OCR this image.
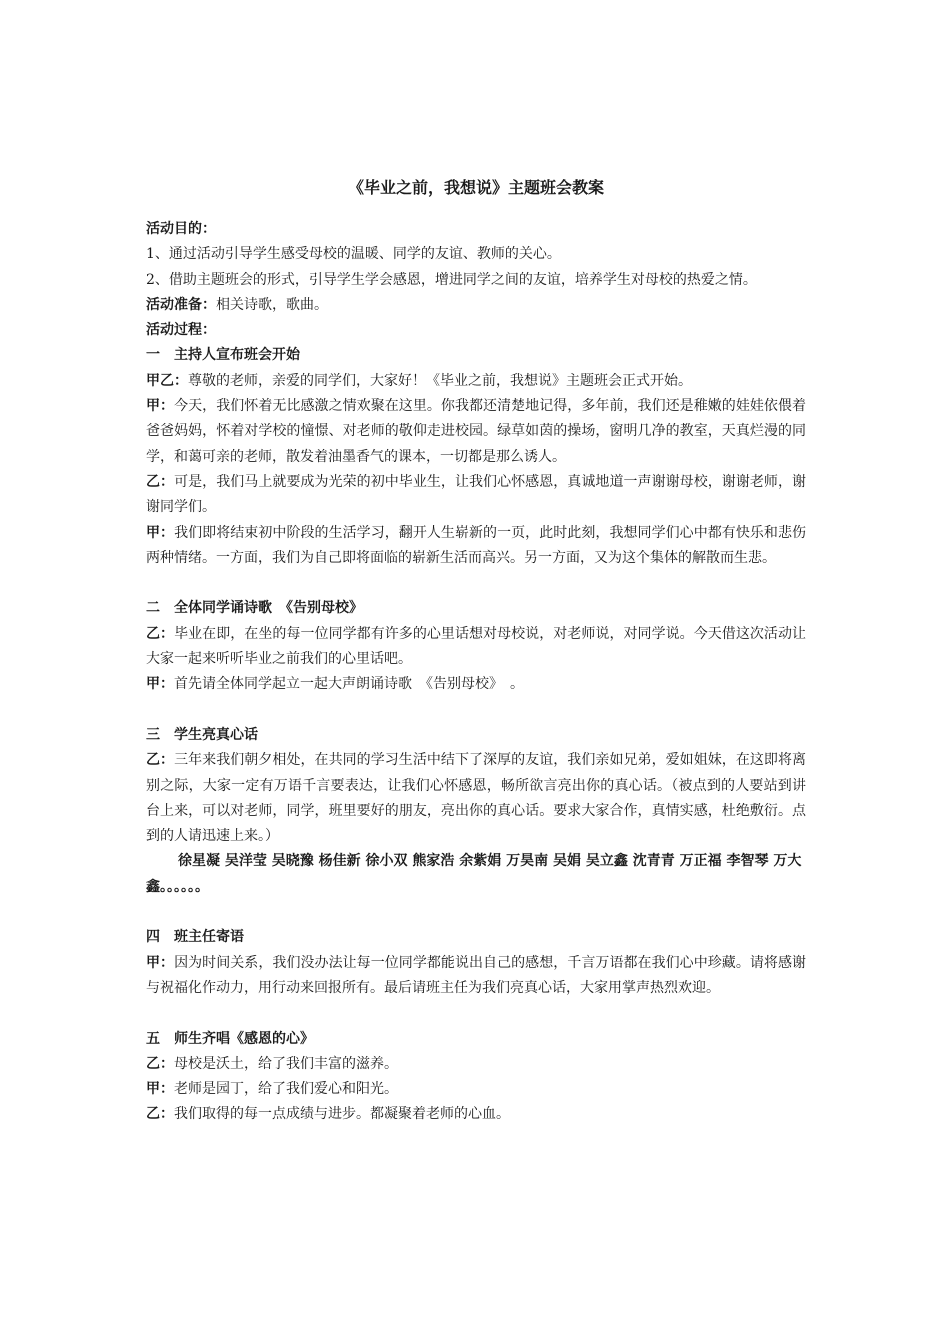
《毕业之前，我想说》主题班会教案

活动目的：

1、通过活动引导学生感受母校的温暖、同学的友谊、教师的关心。

2、借助主题班会的形式，引导学生学会感恩，增进同学之间的友谊，培养学生对母校的热爱之情。

活动准备：相关诗歌，歌曲。

活动过程：

一　主持人宣布班会开始

甲乙：尊敬的老师，亲爱的同学们，大家好！《毕业之前，我想说》主题班会正式开始。

甲：今天，我们怀着无比感激之情欢聚在这里。你我都还清楚地记得，多年前，我们还是稚嫩的娃娃依偎着爸爸妈妈，怀着对学校的憧憬、对老师的敬仰走进校园。绿草如茵的操场，窗明几净的教室，天真烂漫的同学，和蔼可亲的老师，散发着油墨香气的课本，一切都是那么诱人。

乙：可是，我们马上就要成为光荣的初中毕业生，让我们心怀感恩，真诚地道一声谢谢母校，谢谢老师，谢谢同学们。

甲：我们即将结束初中阶段的生活学习，翻开人生崭新的一页，此时此刻，我想同学们心中都有快乐和悲伤两种情绪。一方面，我们为自己即将面临的崭新生活而高兴。另一方面，又为这个集体的解散而生悲。

二　全体同学诵诗歌　《告别母校》

乙：毕业在即，在坐的每一位同学都有许多的心里话想对母校说，对老师说，对同学说。今天借这次活动让大家一起来听听毕业之前我们的心里话吧。

甲：首先请全体同学起立一起大声朗诵诗歌　《告别母校》　。

三　学生亮真心话

乙：三年来我们朝夕相处，在共同的学习生活中结下了深厚的友谊，我们亲如兄弟，爱如姐妹，在这即将离别之际，大家一定有万语千言要表达，让我们心怀感恩，畅所欲言亮出你的真心话。（被点到的人要站到讲台上来，可以对老师，同学，班里要好的朋友，亮出你的真心话。要求大家合作，真情实感，杜绝敷衍。点到的人请迅速上来。）

徐星凝 吴洋莹 吴晓豫 杨佳新 徐小双 熊家浩 余紫娟 万昊南 吴娟 吴立鑫 沈青青 万正福 李智琴 万大鑫。。。。。。

四　班主任寄语

甲：因为时间关系，我们没办法让每一位同学都能说出自己的感想，千言万语都在我们心中珍藏。请将感谢与祝福化作动力，用行动来回报所有。最后请班主任为我们亮真心话，大家用掌声热烈欢迎。

五　师生齐唱《感恩的心》

乙：母校是沃土，给了我们丰富的滋养。

甲：老师是园丁，给了我们爱心和阳光。

乙：我们取得的每一点成绩与进步。都凝聚着老师的心血。
